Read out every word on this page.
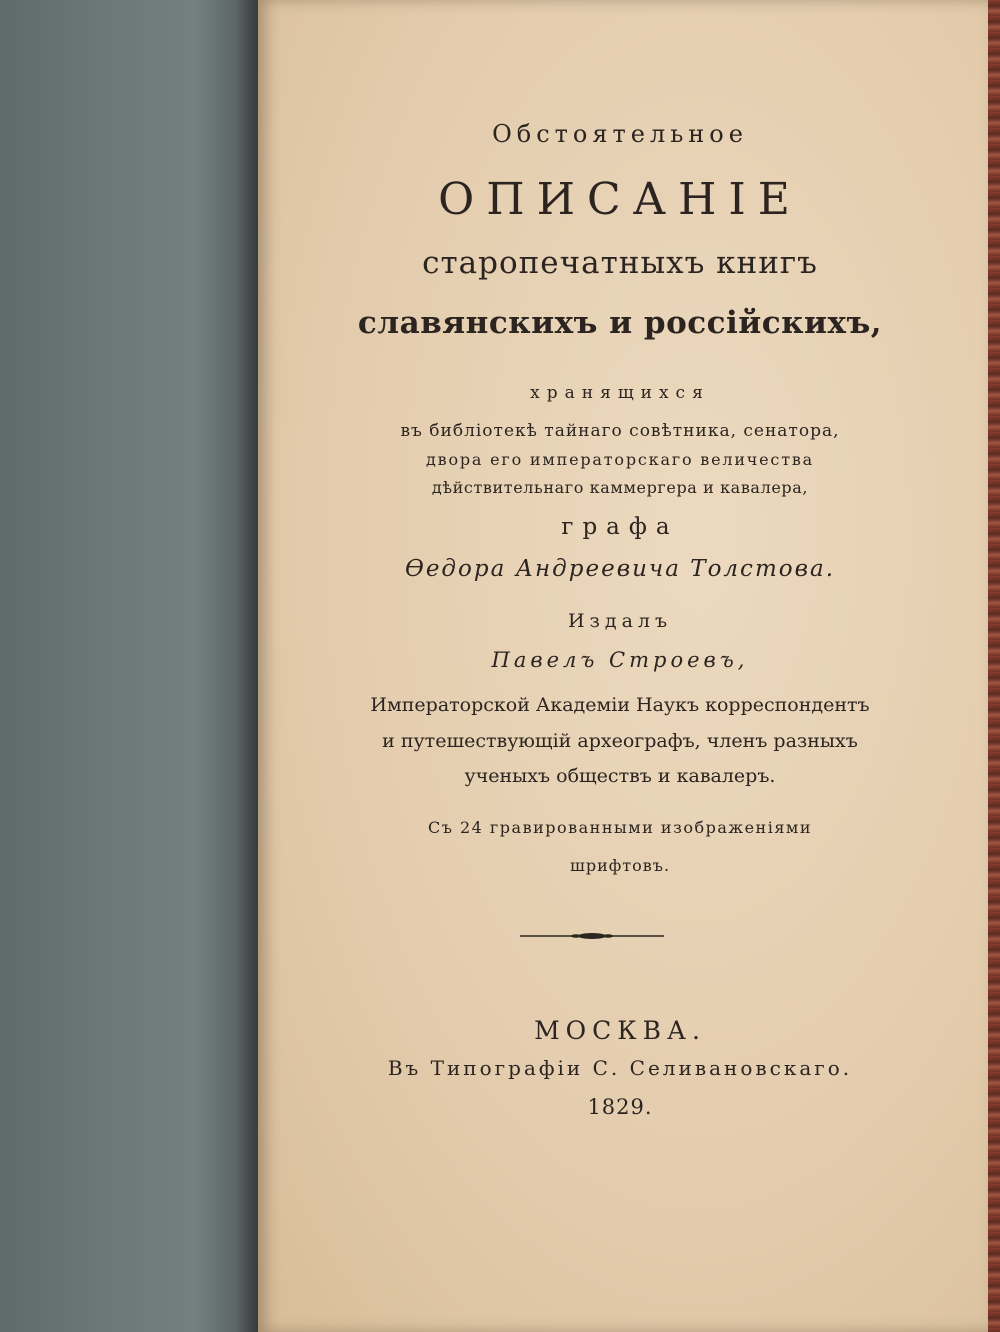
Обстоятельное
ОПИСАНІЕ
старопечатныхъ книгъ
славянскихъ и россійскихъ,
хранящихся
въ библіотекѣ тайнаго совѣтника, сенатора,
двора его императорскаго величества
дѣйствительнаго каммергера и кавалера,
графа
Ѳедора Андреевича Толстова.
Издалъ
Павелъ Строевъ,
Императорской Академіи Наукъ корреспондентъ
и путешествующій археографъ, членъ разныхъ
ученыхъ обществъ и кавалеръ.
Съ 24 гравированными изображеніями
шрифтовъ.
МОСКВА.
Въ Типографіи С. Селивановскаго.
1829.
